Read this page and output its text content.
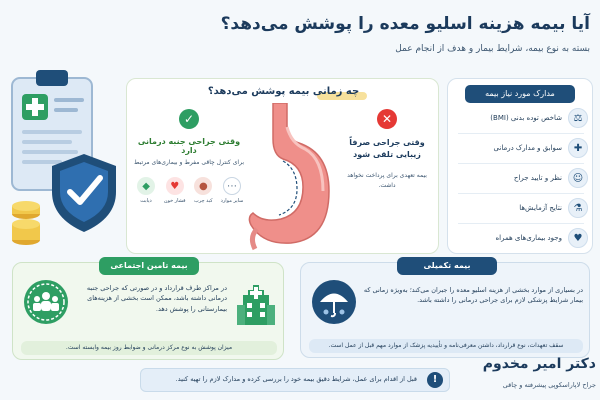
آیا بیمه هزینه اسلیو معده را پوشش می‌دهد؟
بسته به نوع بیمه، شرایط بیمار و هدف از انجام عمل
چه زمانی بیمه پوشش می‌دهد؟
✓
وقتی جراحی جنبه درمانی دارد
برای کنترل چاقی مفرط و بیماری‌های مرتبط
⋯
سایر موارد
●
کبد چرب
♥
فشار خون
◆
دیابت
✕
وقتی جراحی صرفاً زیبایی تلقی شود
بیمه تعهدی برای پرداخت نخواهد داشت.
مدارک مورد نیاز بیمه
⚖
شاخص توده بدنی (BMI)
✚
سوابق و مدارک درمانی
☺
نظر و تایید جراح
⚗
نتایج آزمایش‌ها
♥
وجود بیماری‌های همراه
بیمه تامین اجتماعی
در مراکز طرف قرارداد و در صورتی که جراحی جنبه درمانی داشته باشد، ممکن است بخشی از هزینه‌های بیمارستانی را پوشش دهد.
میزان پوشش به نوع مرکز درمانی و ضوابط روز بیمه وابسته است.
بیمه تکمیلی
در بسیاری از موارد بخشی از هزینه اسلیو معده را جبران می‌کند؛ به‌ویژه زمانی که بیمار شرایط پزشکی لازم برای جراحی درمانی را داشته باشد.
سقف تعهدات، نوع قرارداد، داشتن معرفی‌نامه و تأییدیه پزشک از موارد مهم قبل از عمل است.
!
قبل از اقدام برای عمل، شرایط دقیق بیمه خود را بررسی کرده و مدارک لازم را تهیه کنید.
دکتر امیر مخدوم
جراح لاپاراسکوپی پیشرفته و چاقی
